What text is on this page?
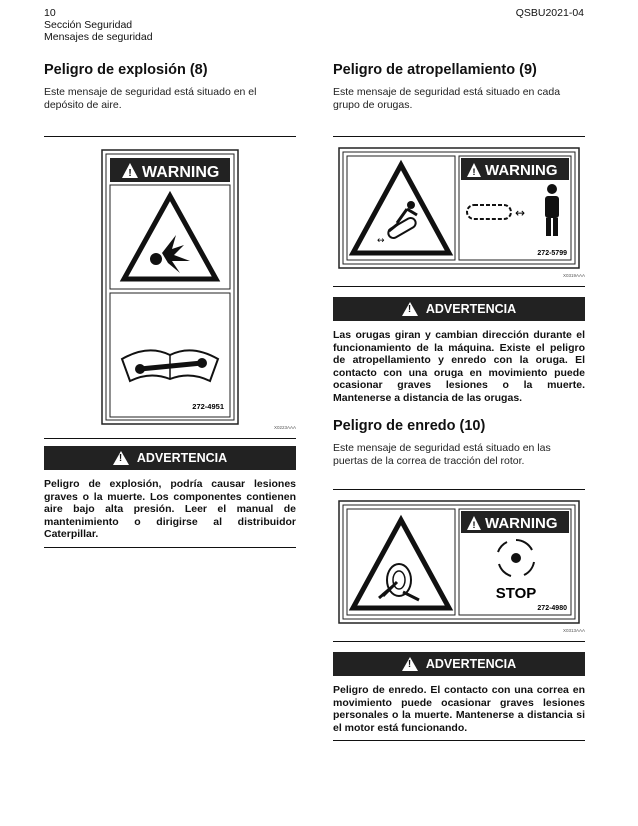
10
Sección Seguridad
Mensajes de seguridad
QSBU2021-04
Peligro de explosión (8)

Este mensaje de seguridad está situado en el depósito de aire.

! WARNING
272-4951
X0223AAA
!
ADVERTENCIA

Peligro de explosión, podría causar lesiones graves o la muerte. Los componentes contienen aire bajo alta presión. Leer el manual de mantenimiento o dirigirse al distribuidor Caterpillar.

Peligro de atropellamiento (9)

Este mensaje de seguridad está situado en cada grupo de orugas.

↔
! WARNING
↔
272-5799
X0319AAA
!
ADVERTENCIA

Las orugas giran y cambian dirección durante el funcionamiento de la máquina. Existe el peligro de atropellamiento y enredo con la oruga. El contacto con una oruga en movimiento puede ocasionar graves lesiones o la muerte. Mantenerse a distancia de las orugas.

Peligro de enredo (10)

Este mensaje de seguridad está situado en las puertas de la correa de tracción del rotor.

! WARNING
STOP
272-4980
X0313AAA
!
ADVERTENCIA

Peligro de enredo. El contacto con una correa en movimiento puede ocasionar graves lesiones personales o la muerte. Mantenerse a distancia si el motor está funcionando.
